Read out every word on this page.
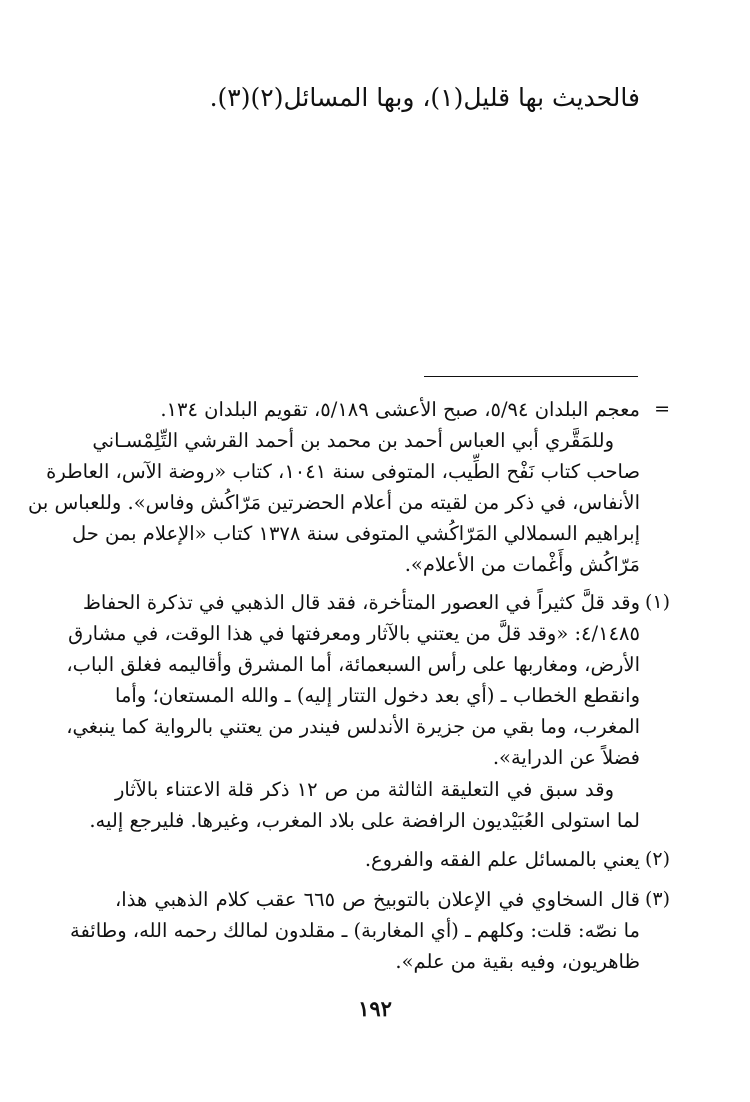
فالحديث بها قليل(١)، وبها المسائل(٢)(٣).
=
معجم البلدان ٥/٩٤، صبح الأعشى ٥/١٨٩، تقويم البلدان ١٣٤.
وللمَقَّري أبي العباس أحمد بن محمد بن أحمد القرشي التِّلِمْسـاني
صاحب كتاب نَفْح الطِّيب، المتوفى سنة ١٠٤١، كتاب «روضة الآس، العاطرة
الأنفاس، في ذكر من لقيته من أعلام الحضرتين مَرّاكُش وفاس». وللعباس بن
إبراهيم السملالي المَرّاكُشي المتوفى سنة ١٣٧٨ كتاب «الإعلام بمن حل
مَرّاكُش وأَغْمات من الأعلام».
(١)
وقد قلَّ كثيراً في العصور المتأخرة، فقد قال الذهبي في تذكرة الحفاظ
٤/١٤٨٥: «وقد قلَّ من يعتني بالآثار ومعرفتها في هذا الوقت، في مشارق
الأرض، ومغاربها على رأس السبعمائة، أما المشرق وأقاليمه فغلق الباب،
وانقطع الخطاب ـ (أي بعد دخول التتار إليه) ـ والله المستعان؛ وأما
المغرب، وما بقي من جزيرة الأندلس فيندر من يعتني بالرواية كما ينبغي،
فضلاً عن الدراية».
وقد سبق في التعليقة الثالثة من ص ١٢ ذكر قلة الاعتناء بالآثار
لما استولى العُبَيْديون الرافضة على بلاد المغرب، وغيرها. فليرجع إليه.
(٢)
يعني بالمسائل علم الفقه والفروع.
(٣)
قال السخاوي في الإعلان بالتوبيخ ص ٦٦٥ عقب كلام الذهبي هذا،
ما نصّه: قلت: وكلهم ـ (أي المغاربة) ـ مقلدون لمالك رحمه الله، وطائفة
ظاهريون، وفيه بقية من علم».
١٩٢
